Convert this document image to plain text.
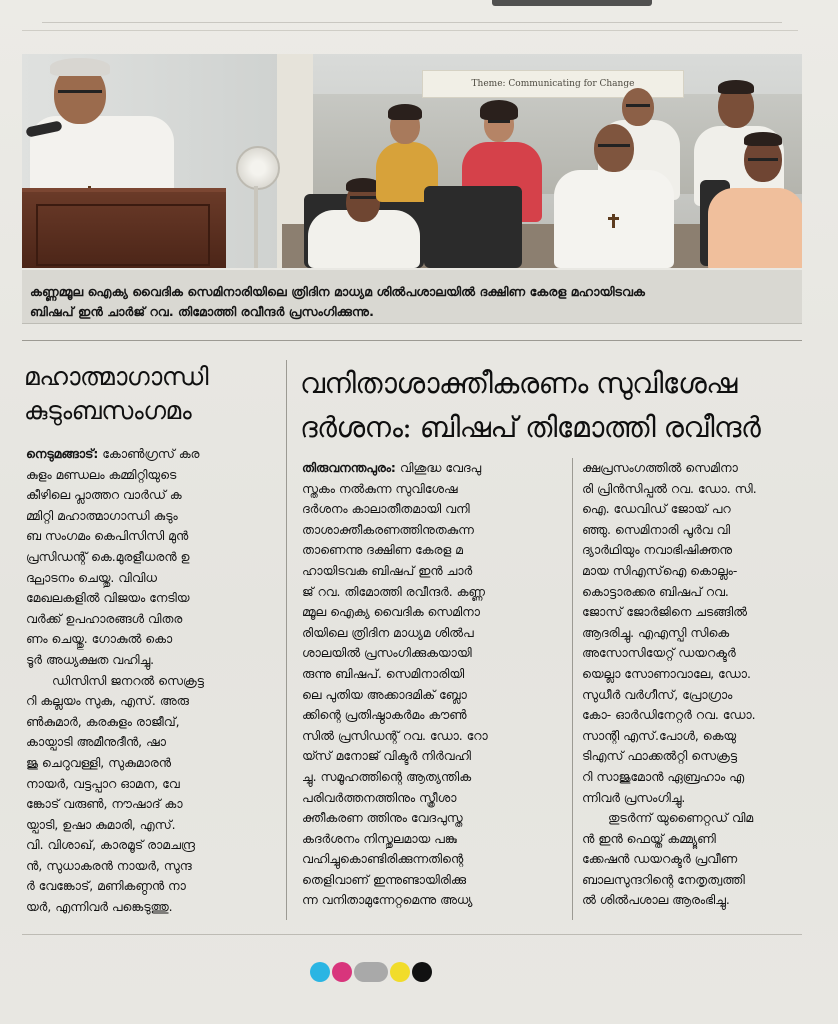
Theme: Communicating for Change
കണ്ണമ്മൂല ഐക്യ വൈദിക സെമിനാരിയിലെ ത്രിദിന മാധ്യമ ശിൽപശാലയിൽ ദക്ഷിണ കേരള മഹായിടവക
ബിഷപ് ഇൻ ചാർജ് റവ. തിമോത്തി രവീന്ദർ പ്രസംഗിക്കുന്നു.
മഹാത്മാഗാന്ധി
കുടുംബസംഗമം
നെടുമങ്ങാട്: കോൺഗ്രസ് കര
കുളം മണ്ഡലം കമ്മിറ്റിയുടെ
കീഴിലെ പ്ലാത്തറ വാർഡ് ക
മ്മിറ്റി മഹാത്മാഗാന്ധി കുടും
ബ സംഗമം കെപിസിസി മുൻ
പ്രസിഡന്റ് കെ.മുരളീധരൻ ഉ
ദ്ഘാടനം ചെയ്തു. വിവിധ
മേഖലകളിൽ വിജയം നേടിയ
വർക്ക് ഉപഹാരങ്ങൾ വിതര
ണം ചെയ്തു. ഗോകുൽ കൊ
ടൂർ അധ്യക്ഷത വഹിച്ചു.
ഡിസിസി ജനറൽ സെക്രട്ട
റി കല്ലയം സുകു, എസ്. അരു
ൺകുമാർ, കരകുളം രാജീവ്,
കായ്പാടി അമീനുദീൻ, ഷാ
ജു ചെറുവള്ളി, സുകുമാരൻ
നായർ, വട്ടപ്പാറ ഓമന, വേ
ങ്കോട് വരുൺ, നൗഷാദ് കാ
യ്പാടി, ഉഷാ കുമാരി, എസ്.
വി. വിശാഖ്, കാരമൂട് രാമചന്ദ്ര
ൻ, സുധാകരൻ നായർ, സുന്ദ
ർ വേങ്കോട്, മണികണ്ഠൻ നാ
യർ, എന്നിവർ പങ്കെടുത്തു.
വനിതാശാക്തീകരണം സുവിശേഷ
ദർശനം: ബിഷപ് തിമോത്തി രവീന്ദർ
തിരുവനന്തപുരം: വിശുദ്ധ വേദപു
സ്തകം നൽകുന്ന സുവിശേഷ
ദർശനം കാലാതീതമായി വനി
താശാക്തീകരണത്തിനുതകുന്ന
താണെന്നു ദക്ഷിണ കേരള മ
ഹായിടവക ബിഷപ് ഇൻ ചാർ
ജ് റവ. തിമോത്തി രവീന്ദർ. കണ്ണ
മ്മൂല ഐക്യ വൈദിക സെമിനാ
രിയിലെ ത്രിദിന മാധ്യമ ശിൽപ
ശാലയിൽ പ്രസംഗിക്കുകയായി
രുന്നു ബിഷപ്. സെമിനാരിയി
ലെ പുതിയ അക്കാദമിക് ബ്ലോ
ക്കിന്റെ പ്രതിഷ്ഠാകർമം കൗൺ
സിൽ പ്രസിഡന്റ് റവ. ഡോ. റോ
യ്സ് മനോജ് വിക്ടർ നിർവഹി
ച്ചു. സമൂഹത്തിന്റെ ആത്യന്തിക
പരിവർത്തനത്തിനും സ്ത്രീശാ
ക്തീകരണ ത്തിനും വേദപുസ്ത
കദർശനം നിസ്തുലമായ പങ്കു
വഹിച്ചുകൊണ്ടിരിക്കുന്നതിന്റെ
തെളിവാണ് ഇന്നുണ്ടായിരിക്കു
ന്ന വനിതാമുന്നേറ്റമെന്നു അധ്യ
ക്ഷപ്രസംഗത്തിൽ സെമിനാ
രി പ്രിൻസിപ്പൽ റവ. ഡോ. സി.
ഐ. ഡേവിഡ് ജോയ് പറ
ഞ്ഞു. സെമിനാരി പൂർവ വി
ദ്യാർഥിയും നവാഭിഷിക്തനു
മായ സിഎസ്ഐ കൊല്ലം-
കൊട്ടാരക്കര ബിഷപ് റവ.
ജോസ് ജോർജിനെ ചടങ്ങിൽ
ആദരിച്ചു. എഎസ്പി സികെ
അസോസിയേറ്റ് ഡയറക്ടർ
യെല്ലാ സോണാവാലേ, ഡോ.
സുധീർ വർഗീസ്, പ്രോഗ്രാം
കോ- ഓർഡിനേറ്റർ റവ. ഡോ.
സാന്റി എസ്.പോൾ, കെയു
ടിഎസ് ഫാക്കൽറ്റി സെക്രട്ട
റി സാജുമോൻ ഏബ്രഹാം എ
ന്നിവർ പ്രസംഗിച്ചു.
തുടർന്ന് യുണൈറ്റഡ് വിമ
ൻ ഇൻ ഫെയ്ത് കമ്മ്യൂണി
ക്കേഷൻ ഡയറക്ടർ പ്രവീണ
ബാലസുന്ദറിന്റെ നേതൃത്വത്തി
ൽ ശിൽപശാല ആരംഭിച്ചു.
